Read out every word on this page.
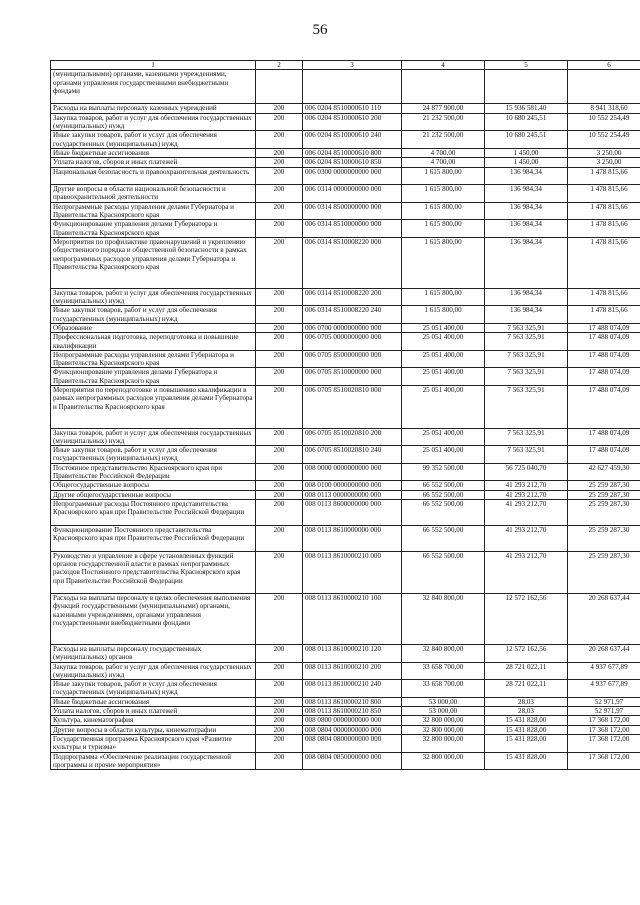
56
1	2	3	4	5	6
(муниципальными) органами, казенными учреждениями, органами управления государственными внебюджетными фондами					
Расходы на выплаты персоналу казенных учреждений	200	006 0204 8510000610 110	24 877 900,00	15 936 581,40	8 941 318,60
Закупка товаров, работ и услуг для обеспечения государственных (муниципальных) нужд	200	006 0204 8510000610 200	21 232 500,00	10 680 245,51	10 552 254,49
Иные закупки товаров, работ и услуг для обеспечения государственных (муниципальных) нужд	200	006 0204 8510000610 240	21 232 500,00	10 680 245,51	10 552 254,49
Иные бюджетные ассигнования	200	006 0204 8510000610 800	4 700,00	1 450,00	3 250,00
Уплата налогов, сборов и иных платежей	200	006 0204 8510000610 850	4 700,00	1 450,00	3 250,00
Национальная безопасность и правоохранительная деятельность	200	006 0300 0000000000 000	1 615 800,00	136 984,34	1 478 815,66
Другие вопросы в области национальной безопасности и правоохранительной деятельности	200	006 0314 0000000000 000	1 615 800,00	136 984,34	1 478 815,66
Непрограммные расходы управления делами Губернатора и Правительства Красноярского края	200	006 0314 8500000000 000	1 615 800,00	136 984,34	1 478 815,66
Функционирование управления делами Губернатора и Правительства Красноярского края	200	006 0314 8510000000 000	1 615 800,00	136 984,34	1 478 815,66
Мероприятия по профилактике правонарушений и укреплению общественного порядка и общественной безопасности в рамках непрограммных расходов управления делами Губернатора и Правительства Красноярского края	200	006 0314 8510008220 000	1 615 800,00	136 984,34	1 478 815,66
Закупка товаров, работ и услуг для обеспечения государственных (муниципальных) нужд	200	006 0314 8510008220 200	1 615 800,00	136 984,34	1 478 815,66
Иные закупки товаров, работ и услуг для обеспечения государственных (муниципальных) нужд	200	006 0314 8510008220 240	1 615 800,00	136 984,34	1 478 815,66
Образование	200	006 0700 0000000000 000	25 051 400,00	7 563 325,91	17 488 074,09
Профессиональная подготовка, переподготовка и повышение квалификации	200	006 0705 0000000000 000	25 051 400,00	7 563 325,91	17 488 074,09
Непрограммные расходы управления делами Губернатора и Правительства Красноярского края	200	006 0705 8500000000 000	25 051 400,00	7 563 325,91	17 488 074,09
Функционирование управления делами Губернатора и Правительства Красноярского края	200	006 0705 8510000000 000	25 051 400,00	7 563 325,91	17 488 074,09
Мероприятия по переподготовке и повышению квалификации в рамках непрограммных расходов управления делами Губернатора и Правительства Красноярского края	200	006 0705 8510020810 000	25 051 400,00	7 563 325,91	17 488 074,09
Закупка товаров, работ и услуг для обеспечения государственных (муниципальных) нужд	200	006 0705 8510020810 200	25 051 400,00	7 563 325,91	17 488 074,09
Иные закупки товаров, работ и услуг для обеспечения государственных (муниципальных) нужд	200	006 0705 8510020810 240	25 051 400,00	7 563 325,91	17 488 074,09
Постоянное представительство Красноярского края при Правительстве Российской Федерации	200	008 0000 0000000000 000	99 352 500,00	56 725 040,70	42 627 459,30
Общегосударственные вопросы	200	008 0100 0000000000 000	66 552 500,00	41 293 212,70	25 259 287,30
Другие общегосударственные вопросы	200	008 0113 0000000000 000	66 552 500,00	41 293 212,70	25 259 287,30
Непрограммные расходы Постоянного представительства Красноярского края при Правительстве Российской Федерации	200	008 0113 8600000000 000	66 552 500,00	41 293 212,70	25 259 287,30
Функционирование Постоянного представительства Красноярского края при Правительстве Российской Федерации	200	008 0113 8610000000 000	66 552 500,00	41 293 212,70	25 259 287,30
Руководство и управление в сфере установленных функций органов государственной власти в рамках непрограммных расходов Постоянного представительства Красноярского края при Правительстве Российской Федерации	200	008 0113 8610000210 000	66 552 500,00	41 293 212,70	25 259 287,30
Расходы на выплаты персоналу в целях обеспечения выполнения функций государственными (муниципальными) органами, казенными учреждениями, органами управления государственными внебюджетными фондами	200	008 0113 8610000210 100	32 840 800,00	12 572 162,56	20 268 637,44
Расходы на выплаты персоналу государственных (муниципальных) органов	200	008 0113 8610000210 120	32 840 800,00	12 572 162,56	20 268 637,44
Закупка товаров, работ и услуг для обеспечения государственных (муниципальных) нужд	200	008 0113 8610000210 200	33 658 700,00	28 721 022,11	4 937 677,89
Иные закупки товаров, работ и услуг для обеспечения государственных (муниципальных) нужд	200	008 0113 8610000210 240	33 658 700,00	28 721 022,11	4 937 677,89
Иные бюджетные ассигнования	200	008 0113 8610000210 800	53 000,00	28,03	52 971,97
Уплата налогов, сборов и иных платежей	200	008 0113 8610000210 850	53 000,00	28,03	52 971,97
Культура, кинематография	200	008 0800 0000000000 000	32 800 000,00	15 431 828,00	17 368 172,00
Другие вопросы в области культуры, кинематографии	200	008 0804 0000000000 000	32 800 000,00	15 431 828,00	17 368 172,00
Государственная программа Красноярского края «Развитие культуры и туризма»	200	008 0804 0800000000 000	32 800 000,00	15 431 828,00	17 368 172,00
Подпрограмма «Обеспечение реализации государственной программы и прочие мероприятия»	200	008 0804 0850000000 000	32 800 000,00	15 431 828,00	17 368 172,00
